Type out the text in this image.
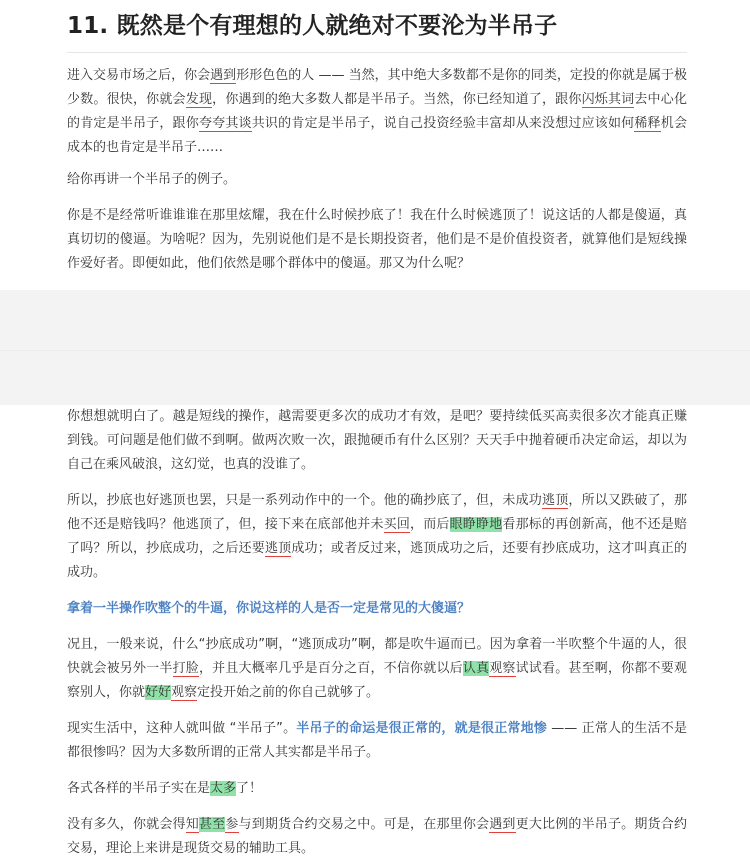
11. 既然是个有理想的人就绝对不要沦为半吊子

进入交易市场之后，你会遇到形形色色的人 —— 当然，其中绝大多数都不是你的同类，定投的你就是属于极少数。很快，你就会发现，你遇到的绝大多数人都是半吊子。当然，你已经知道了，跟你闪烁其词去中心化的肯定是半吊子，跟你夸夸其谈共识的肯定是半吊子，说自己投资经验丰富却从来没想过应该如何稀释机会成本的也肯定是半吊子……

给你再讲一个半吊子的例子。

你是不是经常听谁谁谁在那里炫耀，我在什么时候抄底了！我在什么时候逃顶了！说这话的人都是傻逼，真真切切的傻逼。为啥呢？因为，先别说他们是不是长期投资者，他们是不是价值投资者，就算他们是短线操作爱好者。即便如此，他们依然是哪个群体中的傻逼。那又为什么呢？

你想想就明白了。越是短线的操作，越需要更多次的成功才有效，是吧？要持续低买高卖很多次才能真正赚到钱。可问题是他们做不到啊。做两次败一次，跟抛硬币有什么区别？天天手中抛着硬币决定命运，却以为自己在乘风破浪，这幻觉，也真的没谁了。

所以，抄底也好逃顶也罢，只是一系列动作中的一个。他的确抄底了，但，未成功逃顶，所以又跌破了，那他不还是赔钱吗？他逃顶了，但，接下来在底部他并未买回，而后眼睁睁地看那标的再创新高，他不还是赔了吗？所以，抄底成功，之后还要逃顶成功；或者反过来，逃顶成功之后，还要有抄底成功，这才叫真正的成功。

拿着一半操作吹整个的牛逼，你说这样的人是否一定是常见的大傻逼？

况且，一般来说，什么“抄底成功”啊，“逃顶成功”啊，都是吹牛逼而已。因为拿着一半吹整个牛逼的人，很快就会被另外一半打脸，并且大概率几乎是百分之百，不信你就以后认真观察试试看。甚至啊，你都不要观察别人，你就好好观察定投开始之前的你自己就够了。

现实生活中，这种人就叫做 “半吊子”。半吊子的命运是很正常的，就是很正常地惨 —— 正常人的生活不是都很惨吗？因为大多数所谓的正常人其实都是半吊子。

各式各样的半吊子实在是太多了！

没有多久，你就会得知甚至参与到期货合约交易之中。可是，在那里你会遇到更大比例的半吊子。期货合约交易，理论上来讲是现货交易的辅助工具。
